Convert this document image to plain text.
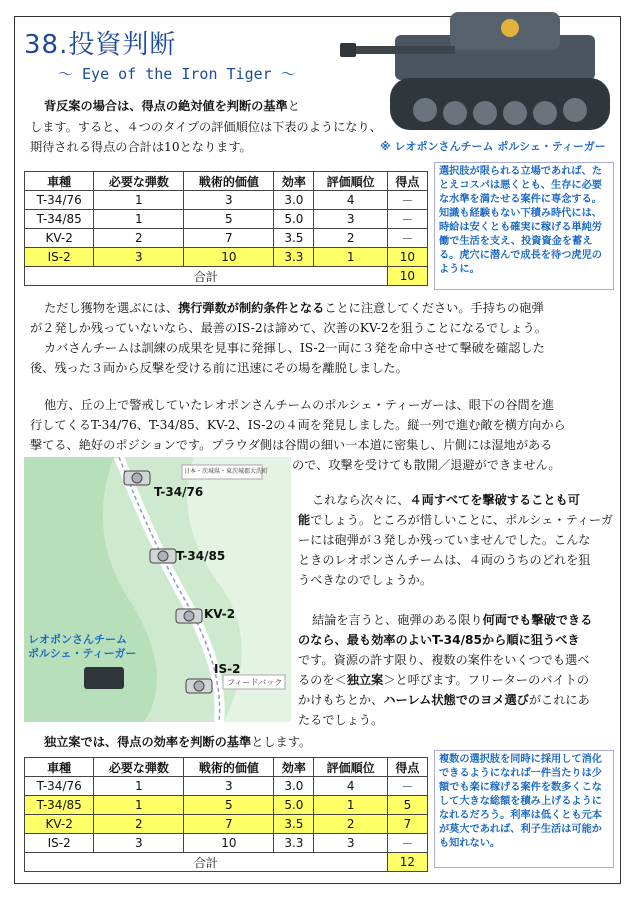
38.投資判断
～ Eye of the Iron Tiger ～
※ レオポンさんチーム ポルシェ・ティーガー
背反案の場合は、得点の絶対値を判断の基準と
します。すると、４つのタイプの評価順位は下表のようになり、
期待される得点の合計は10となります。
車種	必要な弾数	戦術的価値	効率	評価順位	得点
T-34/76	1	3	3.0	4	－
T-34/85	1	5	5.0	3	－
KV-2	2	7	3.5	2	－
IS-2	3	10	3.3	1	10
合計					10
選択肢が限られる立場であれば、たとえコスパは悪くとも、生存に必要な水準を満たせる案件に専念する。知識も経験もない下積み時代には、時給は安くとも確実に稼げる単純労働で生活を支え、投資資金を蓄える。虎穴に潜んで成長を待つ虎児のように。
ただし獲物を選ぶには、携行弾数が制約条件となることに注意してください。手持ちの砲弾
が２発しか残っていないなら、最善のIS-2は諦めて、次善のKV-2を狙うことになるでしょう。
カバさんチームは訓練の成果を見事に発揮し、IS-2一両に３発を命中させて撃破を確認した
後、残った３両から反撃を受ける前に迅速にその場を離脱しました。
他方、丘の上で警戒していたレオポンさんチームのポルシェ・ティーガーは、眼下の谷間を進
行してくるT-34/76、T-34/85、KV-2、IS-2の４両を発見しました。縦一列で進む敵を横方向から
撃てる、絶好のポジションです。プラウダ側は谷間の細い一本道に密集し、片側には湿地がある
ので、攻撃を受けても散開／退避ができません。
日本・茨城県・東茨城郡大洗町
フィードバック
T-34/76
T-34/85
KV-2
IS-2
レオポンさんチーム
ポルシェ・ティーガー
これなら次々に、４両すべてを撃破することも可
能でしょう。ところが惜しいことに、ポルシェ・ティーガ
ーには砲弾が３発しか残っていませんでした。こんな
ときのレオポンさんチームは、４両のうちのどれを狙
うべきなのでしょうか。
結論を言うと、砲弾のある限り何両でも撃破できる
のなら、最も効率のよいT-34/85から順に狙うべき
です。資源の許す限り、複数の案件をいくつでも選べ
るのを＜独立案＞と呼びます。フリーターのバイトの
かけもちとか、ハーレム状態でのヨメ選びがこれにあ
たるでしょう。
独立案では、得点の効率を判断の基準とします。
車種	必要な弾数	戦術的価値	効率	評価順位	得点
T-34/76	1	3	3.0	4	－
T-34/85	1	5	5.0	1	5
KV-2	2	7	3.5	2	7
IS-2	3	10	3.3	3	－
合計					12
複数の選択肢を同時に採用して消化できるようになれば一件当たりは少額でも楽に稼げる案件を数多くこなして大きな総額を積み上げるようになれるだろう。利率は低くとも元本が莫大であれば、利子生活は可能かも知れない。
